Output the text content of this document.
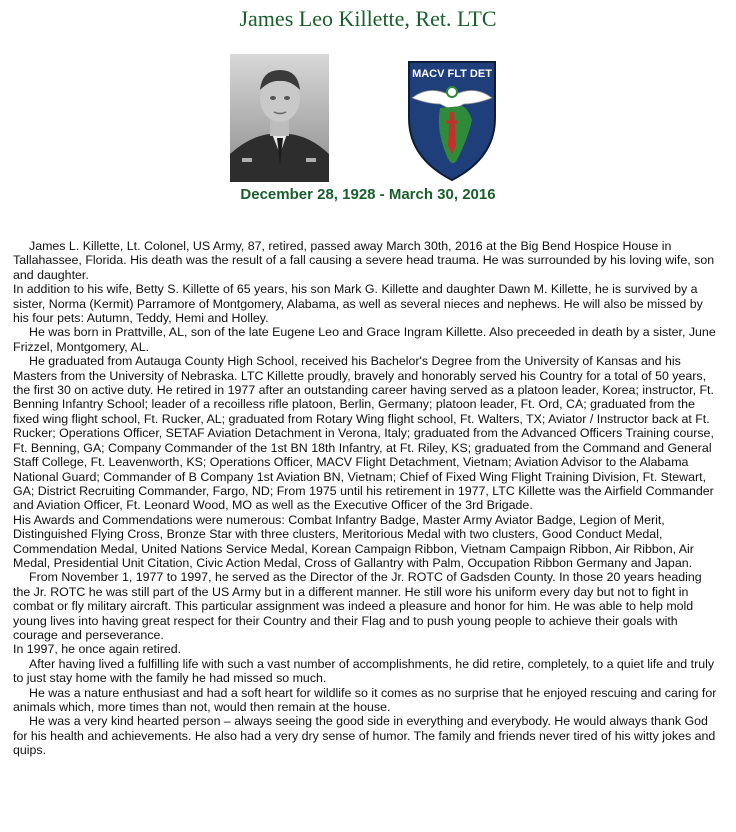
James Leo Killette, Ret. LTC
MACV FLT DET

December 28, 1928 - March 30, 2016

James L. Killette, Lt. Colonel, US Army, 87, retired, passed away March 30th, 2016 at the Big Bend Hospice House in Tallahassee, Florida. His death was the result of a fall causing a severe head trauma. He was surrounded by his loving wife, son and daughter.

In addition to his wife, Betty S. Killette of 65 years, his son Mark G. Killette and daughter Dawn M. Killette, he is survived by a sister, Norma (Kermit) Parramore of Montgomery, Alabama, as well as several nieces and nephews. He will also be missed by his four pets: Autumn, Teddy, Hemi and Holley.

He was born in Prattville, AL, son of the late Eugene Leo and Grace Ingram Killette. Also preceeded in death by a sister, June Frizzel, Montgomery, AL.

He graduated from Autauga County High School, received his Bachelor's Degree from the University of Kansas and his Masters from the University of Nebraska. LTC Killette proudly, bravely and honorably served his Country for a total of 50 years, the first 30 on active duty. He retired in 1977 after an outstanding career having served as a platoon leader, Korea; instructor, Ft. Benning Infantry School; leader of a recoilless rifle platoon, Berlin, Germany; platoon leader, Ft. Ord, CA; graduated from the fixed wing flight school, Ft. Rucker, AL; graduated from Rotary Wing flight school, Ft. Walters, TX; Aviator / Instructor back at Ft. Rucker; Operations Officer, SETAF Aviation Detachment in Verona, Italy; graduated from the Advanced Officers Training course, Ft. Benning, GA; Company Commander of the 1st BN 18th Infantry, at Ft. Riley, KS; graduated from the Command and General Staff College, Ft. Leavenworth, KS; Operations Officer, MACV Flight Detachment, Vietnam; Aviation Advisor to the Alabama National Guard; Commander of B Company 1st Aviation BN, Vietnam; Chief of Fixed Wing Flight Training Division, Ft. Stewart, GA; District Recruiting Commander, Fargo, ND; From 1975 until his retirement in 1977, LTC Killette was the Airfield Commander and Aviation Officer, Ft. Leonard Wood, MO as well as the Executive Officer of the 3rd Brigade.

His Awards and Commendations were numerous: Combat Infantry Badge, Master Army Aviator Badge, Legion of Merit, Distinguished Flying Cross, Bronze Star with three clusters, Meritorious Medal with two clusters, Good Conduct Medal, Commendation Medal, United Nations Service Medal, Korean Campaign Ribbon, Vietnam Campaign Ribbon, Air Ribbon, Air Medal, Presidential Unit Citation, Civic Action Medal, Cross of Gallantry with Palm, Occupation Ribbon Germany and Japan.

From November 1, 1977 to 1997, he served as the Director of the Jr. ROTC of Gadsden County. In those 20 years heading the Jr. ROTC he was still part of the US Army but in a different manner. He still wore his uniform every day but not to fight in combat or fly military aircraft. This particular assignment was indeed a pleasure and honor for him. He was able to help mold young lives into having great respect for their Country and their Flag and to push young people to achieve their goals with courage and perseverance.

In 1997, he once again retired.

After having lived a fulfilling life with such a vast number of accomplishments, he did retire, completely, to a quiet life and truly to just stay home with the family he had missed so much.

He was a nature enthusiast and had a soft heart for wildlife so it comes as no surprise that he enjoyed rescuing and caring for animals which, more times than not, would then remain at the house.

He was a very kind hearted person – always seeing the good side in everything and everybody. He would always thank God for his health and achievements. He also had a very dry sense of humor. The family and friends never tired of his witty jokes and quips.
